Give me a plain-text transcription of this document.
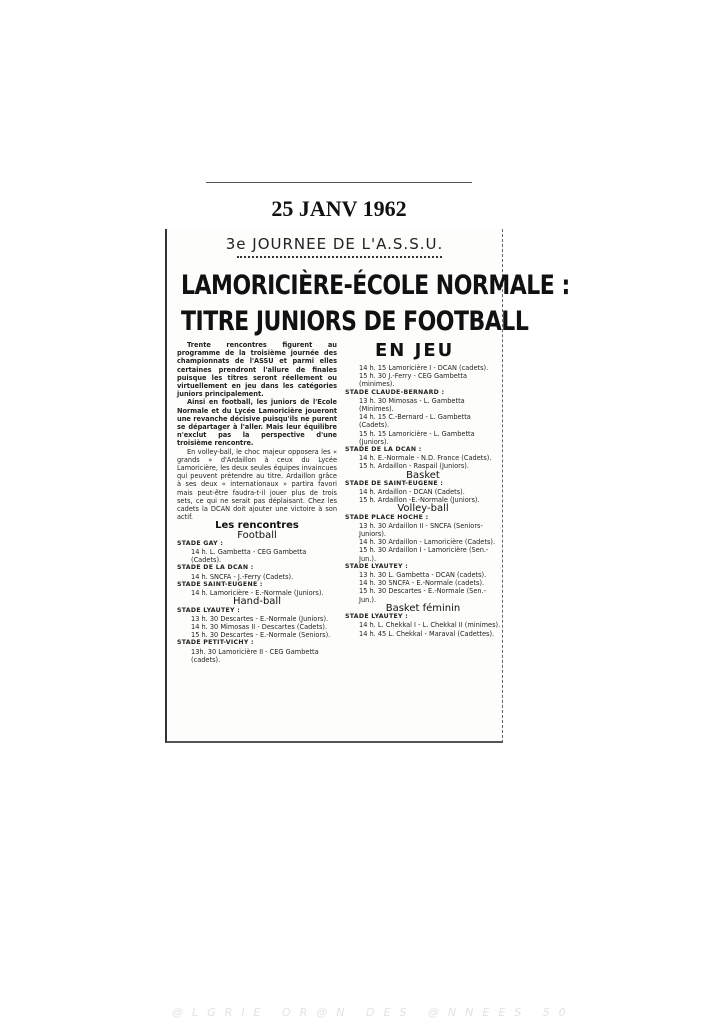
25 JANV 1962
3e JOURNEE DE L'A.S.S.U.
LAMORICIÈRE-ÉCOLE NORMALE :
TITRE JUNIORS DE FOOTBALL
EN JEU

Trente rencontres figurent au programme de la troisième journée des championnats de l'ASSU et parmi elles certaines prendront l'allure de finales puisque les titres seront réellement ou virtuellement en jeu dans les catégories juniors principalement.

Ainsi en football, les juniors de l'Ecole Normale et du Lycée Lamoricière joueront une revanche décisive puisqu'ils ne purent se départager à l'aller. Mais leur équilibre n'exclut pas la perspective d'une troisième rencontre.

En volley-ball, le choc majeur opposera les « grands » d'Ardaillon à ceux du Lycée Lamoricière, les deux seules équipes invaincues qui peuvent prétendre au titre. Ardaillon grâce à ses deux « internationaux » partira favori mais peut-être faudra-t-il jouer plus de trois sets, ce qui ne serait pas déplaisant. Chez les cadets la DCAN doit ajouter une victoire à son actif.

Les rencontres
Football
STADE GAY :
14 h. L. Gambetta - CEG Gambetta (Cadets).
STADE DE LA DCAN :
14 h. SNCFA - J.-Ferry (Cadets).
STADE SAINT-EUGENE :
14 h. Lamoricière - E.-Normale (Juniors).
Hand-ball
STADE LYAUTEY :
13 h. 30 Descartes - E.-Normale (Juniors).
14 h. 30 Mimosas II - Descartes (Cadets).
15 h. 30 Descartes - E.-Normale (Seniors).
STADE PETIT-VICHY :
13h. 30 Lamoricière II - CEG Gambetta (cadets).
14 h. 15 Lamoricière I - DCAN (cadets).
15 h. 30 J.-Ferry - CEG Gambetta (minimes).
STADE CLAUDE-BERNARD :
13 h. 30 Mimosas - L. Gambetta (Minimes).
14 h. 15 C.-Bernard - L. Gambetta (Cadets).
15 h. 15 Lamoricière - L. Gambetta (Juniors).
STADE DE LA DCAN :
14 h. E.-Normale - N.D. France (Cadets).
15 h. Ardaillon - Raspail (Juniors).
Basket
STADE DE SAINT-EUGENE :
14 h. Ardaillon - DCAN (Cadets).
15 h. Ardaillon -E.-Normale (Juniors).
Volley-ball
STADE PLACE HOCHE :
13 h. 30 Ardaillon II - SNCFA (Seniors-Juniors).
14 h. 30 Ardaillon - Lamoricière (Cadets).
15 h. 30 Ardaillon I - Lamoricière (Sen.-Jun.).
STADE LYAUTEY :
13 h. 30 L. Gambetta - DCAN (cadets).
14 h. 30 SNCFA - E.-Normale (cadets).
15 h. 30 Descartes - E.-Normale (Sen.-Jun.).
Basket féminin
STADE LYAUTEY :
14 h. L. Chekkal I - L. Chekkal II (minimes).
14 h. 45 L. Chekkal - Maraval (Cadettes).
@LGRIE OR@N DES @NNEES 50
